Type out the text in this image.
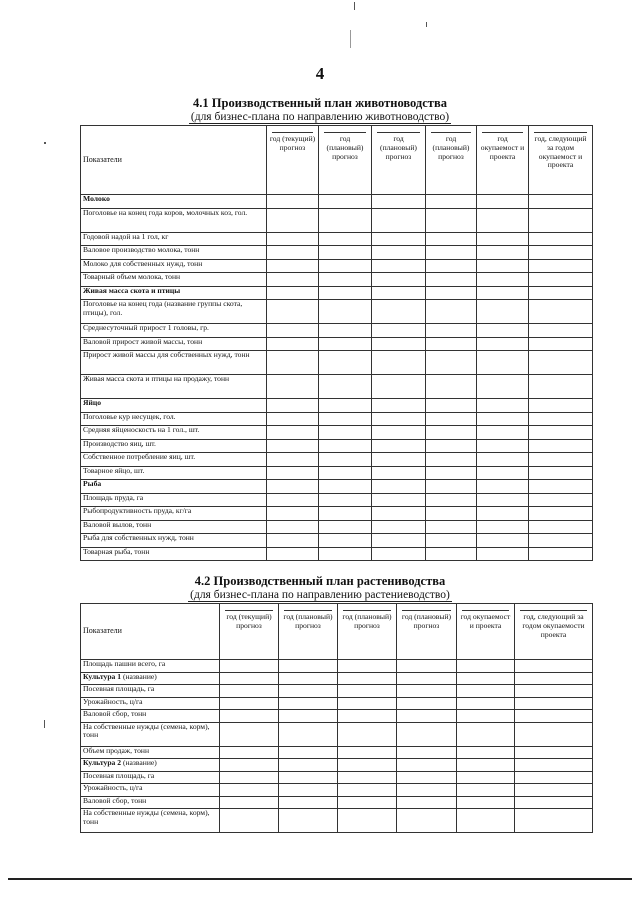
4
4.1 Производственный план животноводства
(для бизнес-плана по направлению животноводство)
Показатели	год (текущий) прогноз	год (плановый) прогноз	год (плановый) прогноз	год (плановый) прогноз	год окупаемост и проекта	год, следующий за годом окупаемост и проекта
Молоко						
Поголовье на конец года коров, молочных коз, гол.						
Годовой надой на 1 гол, кг						
Валовое производство молока, тонн						
Молоко для собственных нужд, тонн						
Товарный объем молока, тонн						
Живая масса скота и птицы						
Поголовье на конец года (название группы скота, птицы), гол.						
Среднесуточный прирост 1 головы, гр.						
Валовой прирост живой массы, тонн						
Прирост живой массы для собственных нужд, тонн						
Живая масса скота и птицы на продажу, тонн						
Яйцо						
Поголовье кур несущек, гол.						
Средняя яйценоскость на 1 гол., шт.						
Производство яиц, шт.						
Собственное потребление яиц, шт.						
Товарное яйцо, шт.						
Рыба						
Площадь пруда, га						
Рыбопродуктивность пруда, кг/га						
Валовой вылов, тонн						
Рыба для собственных нужд, тонн						
Товарная рыба, тонн						
4.2 Производственный план растениводства
(для бизнес-плана по направлению растениеводство)
Показатели	год (текущий) прогноз	год (плановый) прогноз	год (плановый) прогноз	год (плановый) прогноз	год окупаемост и проекта	год, следующий за годом окупаемости проекта
Площадь пашни всего, га						
Культура 1 (название)						
Посевная площадь, га						
Урожайность, ц/га						
Валовой сбор, тонн						
На собственные нужды (семена, корм), тонн						
Объем продаж, тонн						
Культура 2 (название)						
Посевная площадь, га						
Урожайность, ц/га						
Валовой сбор, тонн						
На собственные нужды (семена, корм), тонн						
